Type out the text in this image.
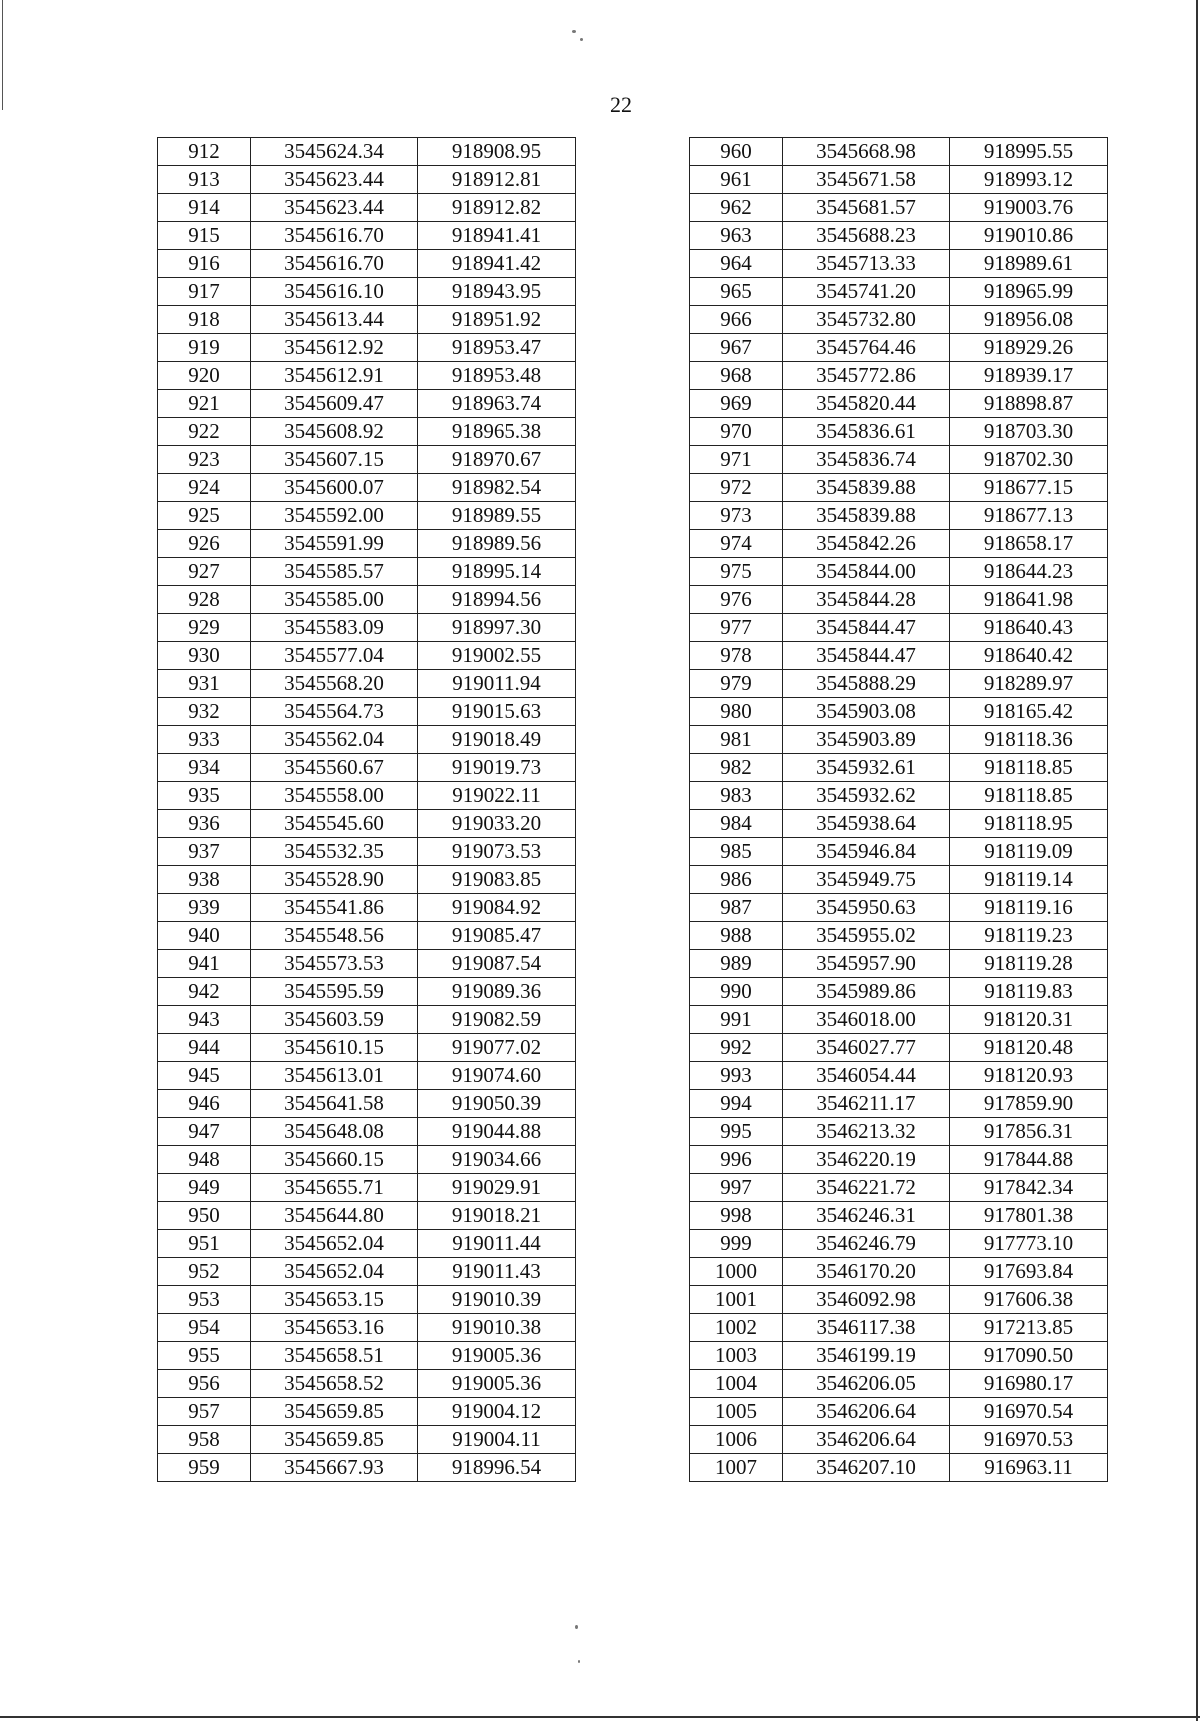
22
912	3545624.34	918908.95
913	3545623.44	918912.81
914	3545623.44	918912.82
915	3545616.70	918941.41
916	3545616.70	918941.42
917	3545616.10	918943.95
918	3545613.44	918951.92
919	3545612.92	918953.47
920	3545612.91	918953.48
921	3545609.47	918963.74
922	3545608.92	918965.38
923	3545607.15	918970.67
924	3545600.07	918982.54
925	3545592.00	918989.55
926	3545591.99	918989.56
927	3545585.57	918995.14
928	3545585.00	918994.56
929	3545583.09	918997.30
930	3545577.04	919002.55
931	3545568.20	919011.94
932	3545564.73	919015.63
933	3545562.04	919018.49
934	3545560.67	919019.73
935	3545558.00	919022.11
936	3545545.60	919033.20
937	3545532.35	919073.53
938	3545528.90	919083.85
939	3545541.86	919084.92
940	3545548.56	919085.47
941	3545573.53	919087.54
942	3545595.59	919089.36
943	3545603.59	919082.59
944	3545610.15	919077.02
945	3545613.01	919074.60
946	3545641.58	919050.39
947	3545648.08	919044.88
948	3545660.15	919034.66
949	3545655.71	919029.91
950	3545644.80	919018.21
951	3545652.04	919011.44
952	3545652.04	919011.43
953	3545653.15	919010.39
954	3545653.16	919010.38
955	3545658.51	919005.36
956	3545658.52	919005.36
957	3545659.85	919004.12
958	3545659.85	919004.11
959	3545667.93	918996.54
960	3545668.98	918995.55
961	3545671.58	918993.12
962	3545681.57	919003.76
963	3545688.23	919010.86
964	3545713.33	918989.61
965	3545741.20	918965.99
966	3545732.80	918956.08
967	3545764.46	918929.26
968	3545772.86	918939.17
969	3545820.44	918898.87
970	3545836.61	918703.30
971	3545836.74	918702.30
972	3545839.88	918677.15
973	3545839.88	918677.13
974	3545842.26	918658.17
975	3545844.00	918644.23
976	3545844.28	918641.98
977	3545844.47	918640.43
978	3545844.47	918640.42
979	3545888.29	918289.97
980	3545903.08	918165.42
981	3545903.89	918118.36
982	3545932.61	918118.85
983	3545932.62	918118.85
984	3545938.64	918118.95
985	3545946.84	918119.09
986	3545949.75	918119.14
987	3545950.63	918119.16
988	3545955.02	918119.23
989	3545957.90	918119.28
990	3545989.86	918119.83
991	3546018.00	918120.31
992	3546027.77	918120.48
993	3546054.44	918120.93
994	3546211.17	917859.90
995	3546213.32	917856.31
996	3546220.19	917844.88
997	3546221.72	917842.34
998	3546246.31	917801.38
999	3546246.79	917773.10
1000	3546170.20	917693.84
1001	3546092.98	917606.38
1002	3546117.38	917213.85
1003	3546199.19	917090.50
1004	3546206.05	916980.17
1005	3546206.64	916970.54
1006	3546206.64	916970.53
1007	3546207.10	916963.11
